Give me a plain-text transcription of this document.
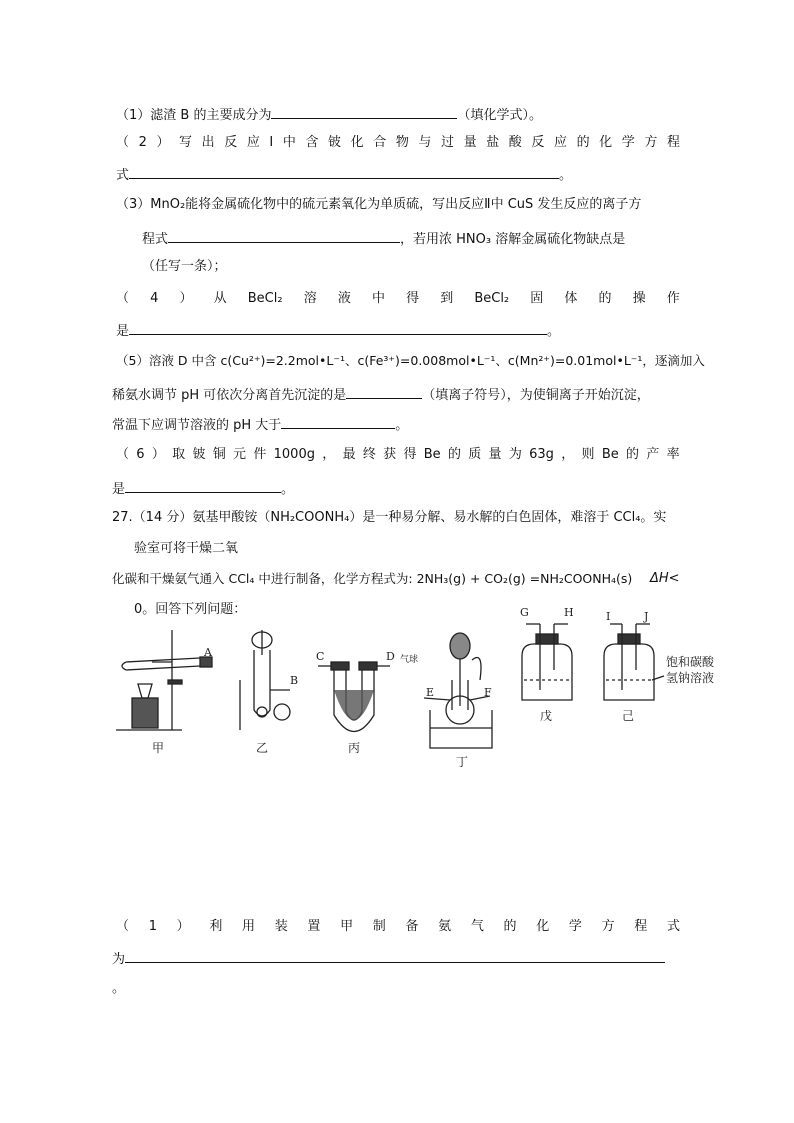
（1）滤渣 B 的主要成分为	（填化学式）。
（ 2 ） 写 出 反 应 Ⅰ 中 含 铍 化 合 物 与 过 量 盐 酸 反 应 的 化 学 方 程
式	。
（3）MnO₂能将金属硫化物中的硫元素氧化为单质硫，写出反应Ⅱ中 CuS 发生反应的离子方
程式	，若用浓 HNO₃ 溶解金属硫化物缺点是
（任写一条）；
（ 4 ） 从 BeCl₂ 溶 液 中 得 到 BeCl₂ 固 体 的 操 作
是	。
（5）溶液 D 中含 c(Cu²⁺)=2.2mol•L⁻¹、c(Fe³⁺)=0.008mol•L⁻¹、c(Mn²⁺)=0.01mol•L⁻¹，逐滴加入
稀氨水调节 pH 可依次分离首先沉淀的是	（填离子符号），为使铜离子开始沉淀，
常温下应调节溶液的 pH 大于	。
（ 6 ） 取 铍 铜 元 件 1000g ， 最 终 获 得 Be 的 质 量 为 63g ， 则 Be 的 产 率
是	。
27.（14 分）氨基甲酸铵（NH₂COONH₄）是一种易分解、易水解的白色固体，难溶于 CCl₄。实
验室可将干燥二氧
化碳和干燥氨气通入 CCl₄ 中进行制备，化学方程式为: 2NH₃(g) + CO₂(g) =NH₂COONH₄(s) ΔH<
0。回答下列问题：
A
B
C	D
E	F
G	H	I	J
气球	饱和碳酸
氢钠溶液
甲	乙	丙
丁
戊	己
（ 1 ） 利 用 装 置 甲 制 备 氨 气 的 化 学 方 程 式
为
。
